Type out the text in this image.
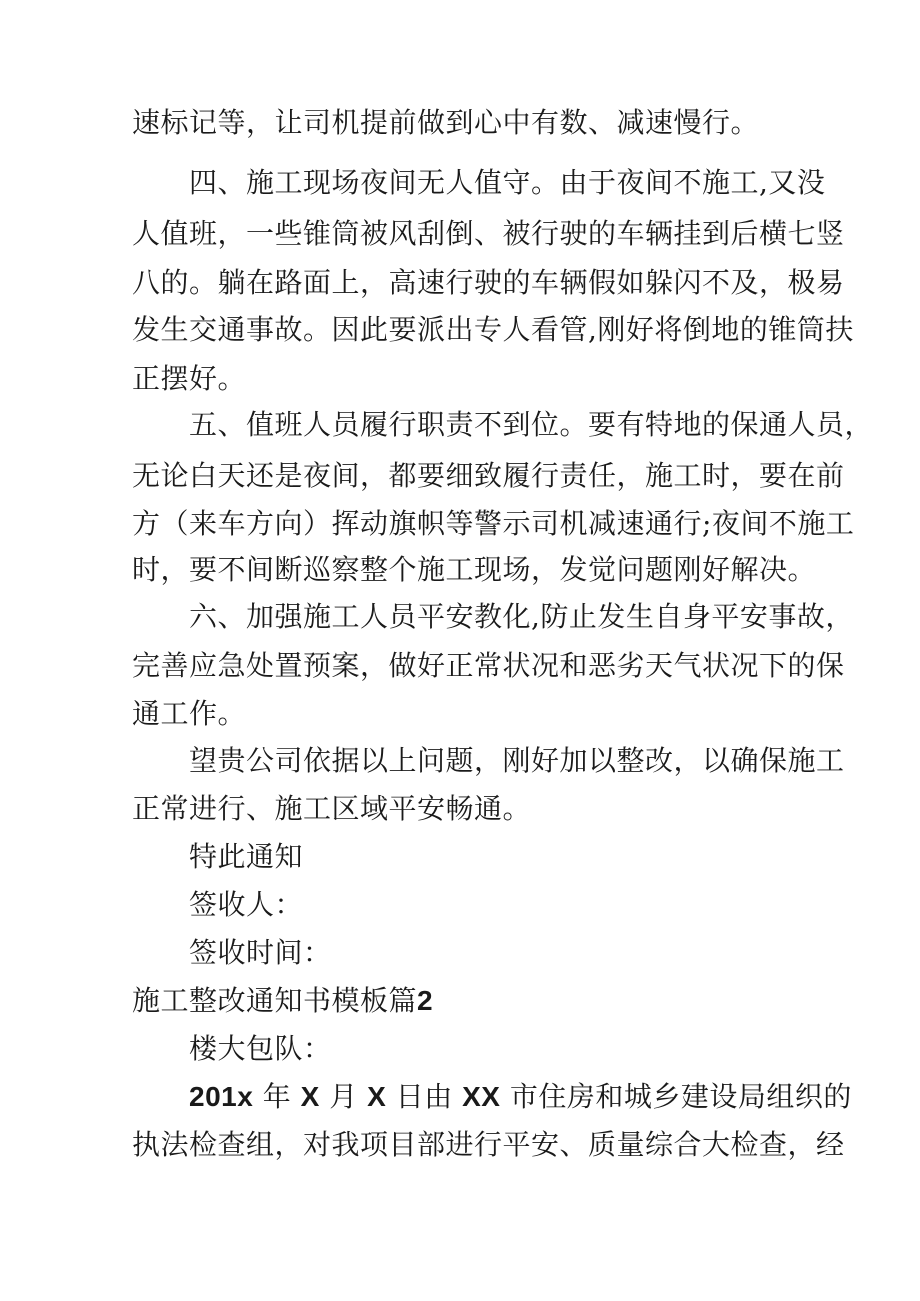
速标记等，让司机提前做到心中有数、减速慢行。
四、施工现场夜间无人值守。由于夜间不施工,又没
人值班，一些锥筒被风刮倒、被行驶的车辆挂到后横七竖
八的。躺在路面上，高速行驶的车辆假如躲闪不及，极易
发生交通事故。因此要派出专人看管,刚好将倒地的锥筒扶
正摆好。
五、值班人员履行职责不到位。要有特地的保通人员，
无论白天还是夜间，都要细致履行责任，施工时，要在前
方（来车方向）挥动旗帜等警示司机减速通行;夜间不施工
时，要不间断巡察整个施工现场，发觉问题刚好解决。
六、加强施工人员平安教化,防止发生自身平安事故，
完善应急处置预案，做好正常状况和恶劣天气状况下的保
通工作。
望贵公司依据以上问题，刚好加以整改，以确保施工
正常进行、施工区域平安畅通。
特此通知
签收人：
签收时间：
施工整改通知书模板篇2
楼大包队：
201x 年 X 月 X 日由 XX 市住房和城乡建设局组织的
执法检查组，对我项目部进行平安、质量综合大检查，经
